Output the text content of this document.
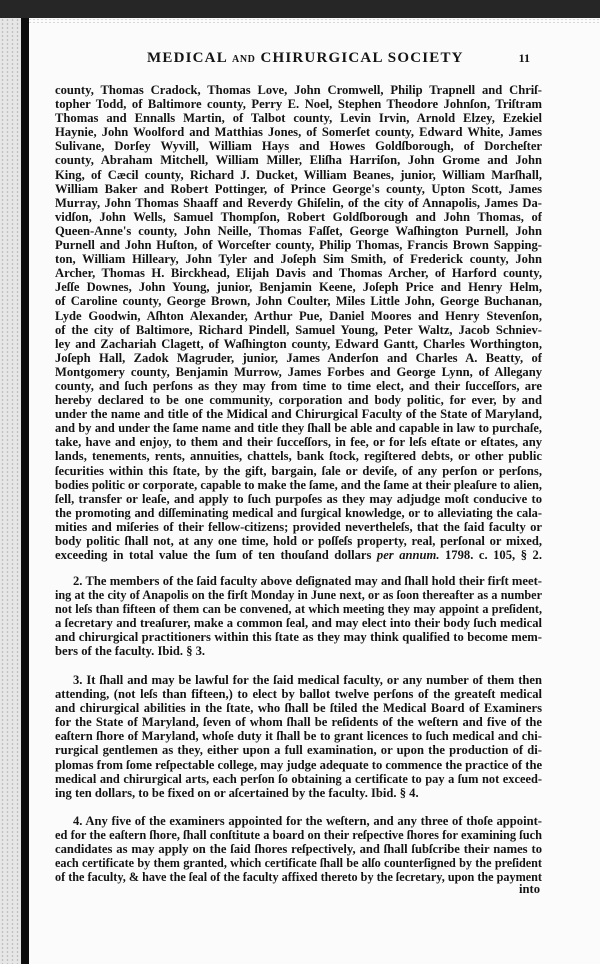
MEDICAL AND CHIRURGICAL SOCIETY	11
county, Thomas Cradock, Thomas Love, John Cromwell, Philip Trapnell and Chriſ-
topher Todd, of Baltimore county, Perry E. Noel, Stephen Theodore Johnſon, Triſtram
Thomas and Ennalls Martin, of Talbot county, Levin Irvin, Arnold Elzey, Ezekiel
Haynie, John Woolford and Matthias Jones, of Somerſet county, Edward White, James
Sulivane, Dorſey Wyvill, William Hays and Howes Goldſborough, of Dorcheſter
county, Abraham Mitchell, William Miller, Eliſha Harriſon, John Grome and John
King, of Cæcil county, Richard J. Ducket, William Beanes, junior, William Marſhall,
William Baker and Robert Pottinger, of Prince George's county, Upton Scott, James
Murray, John Thomas Shaaff and Reverdy Ghiſelin, of the city of Annapolis, James Da-
vidſon, John Wells, Samuel Thompſon, Robert Goldſborough and John Thomas, of
Queen-Anne's county, John Neille, Thomas Faſſet, George Waſhington Purnell, John
Purnell and John Huſton, of Worceſter county, Philip Thomas, Francis Brown Sapping-
ton, William Hilleary, John Tyler and Joſeph Sim Smith, of Frederick county, John
Archer, Thomas H. Birckhead, Elijah Davis and Thomas Archer, of Harford county,
Jeſſe Downes, John Young, junior, Benjamin Keene, Joſeph Price and Henry Helm,
of Caroline county, George Brown, John Coulter, Miles Little John, George Buchanan,
Lyde Goodwin, Aſhton Alexander, Arthur Pue, Daniel Moores and Henry Stevenſon,
of the city of Baltimore, Richard Pindell, Samuel Young, Peter Waltz, Jacob Schniev-
ley and Zachariah Clagett, of Waſhington county, Edward Gantt, Charles Worthington,
Joſeph Hall, Zadok Magruder, junior, James Anderſon and Charles A. Beatty, of
Montgomery county, Benjamin Murrow, James Forbes and George Lynn, of Allegany
county, and ſuch perſons as they may from time to time elect, and their ſucceſſors, are
hereby declared to be one community, corporation and body politic, for ever, by and
under the name and title of the Midical and Chirurgical Faculty of the State of Maryland,
and by and under the ſame name and title they ſhall be able and capable in law to purchaſe,
take, have and enjoy, to them and their ſucceſſors, in fee, or for leſs eſtate or eſtates, any
lands, tenements, rents, annuities, chattels, bank ſtock, regiſtered debts, or other public
ſecurities within this ſtate, by the gift, bargain, ſale or deviſe, of any perſon or perſons,
bodies politic or corporate, capable to make the ſame, and the ſame at their pleaſure to alien,
ſell, transfer or leaſe, and apply to ſuch purpoſes as they may adjudge moſt conducive to
the promoting and diſſeminating medical and ſurgical knowledge, or to alleviating the cala-
mities and miſeries of their fellow-citizens; provided nevertheleſs, that the ſaid faculty or
body politic ſhall not, at any one time, hold or poſſeſs property, real, perſonal or mixed,
exceeding in total value the ſum of ten thouſand dollars per annum. 1798. c. 105, § 2.
2. The members of the ſaid faculty above deſignated may and ſhall hold their firſt meet-
ing at the city of Anapolis on the firſt Monday in June next, or as ſoon thereafter as a number
not leſs than fifteen of them can be convened, at which meeting they may appoint a preſident,
a ſecretary and treaſurer, make a common ſeal, and may elect into their body ſuch medical
and chirurgical practitioners within this ſtate as they may think qualified to become mem-
bers of the faculty. Ibid. § 3.
3. It ſhall and may be lawful for the ſaid medical faculty, or any number of them then
attending, (not leſs than fifteen,) to elect by ballot twelve perſons of the greateſt medical
and chirurgical abilities in the ſtate, who ſhall be ſtiled the Medical Board of Examiners
for the State of Maryland, ſeven of whom ſhall be reſidents of the weſtern and five of the
eaſtern ſhore of Maryland, whoſe duty it ſhall be to grant licences to ſuch medical and chi-
rurgical gentlemen as they, either upon a full examination, or upon the production of di-
plomas from ſome reſpectable college, may judge adequate to commence the practice of the
medical and chirurgical arts, each perſon ſo obtaining a certificate to pay a ſum not exceed-
ing ten dollars, to be fixed on or aſcertained by the faculty. Ibid. § 4.
4. Any five of the examiners appointed for the weſtern, and any three of thoſe appoint-
ed for the eaſtern ſhore, ſhall conſtitute a board on their reſpective ſhores for examining ſuch
candidates as may apply on the ſaid ſhores reſpectively, and ſhall ſubſcribe their names to
each certificate by them granted, which certificate ſhall be alſo counterſigned by the preſident
of the faculty, & have the ſeal of the faculty affixed thereto by the ſecretary, upon the payment
into
